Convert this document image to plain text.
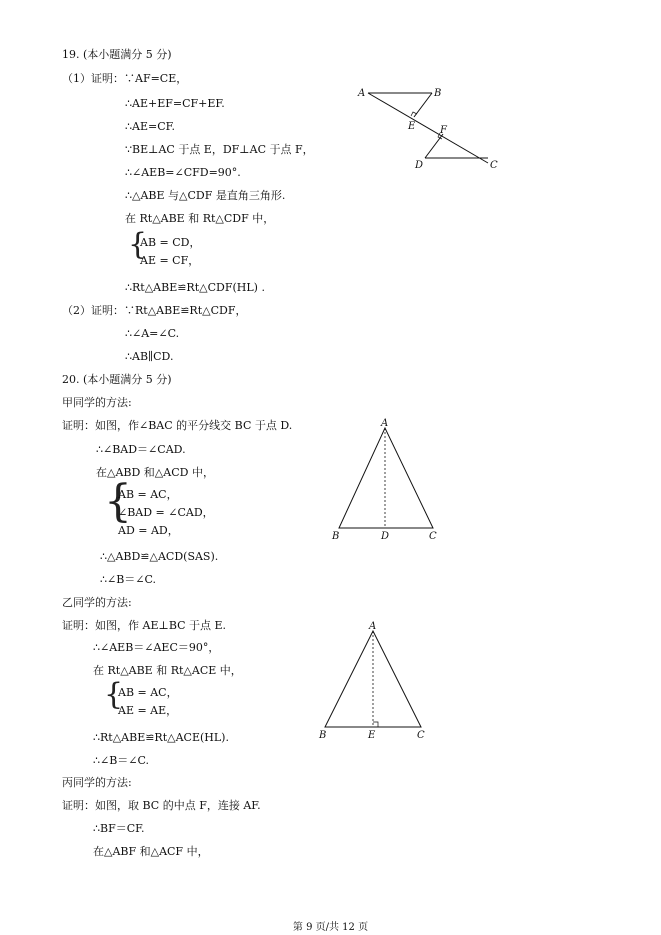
19. (本小题满分 5 分)
（1）证明：∵AF=CE，
∴AE+EF=CF+EF.
∴AE=CF.
∵BE⊥AC 于点 E，DF⊥AC 于点 F，
∴∠AEB=∠CFD=90°.
∴△ABE 与△CDF 是直角三角形.
在 Rt△ABE 和 Rt△CDF 中，
{
AB = CD，
AE = CF，
∴Rt△ABE≌Rt△CDF(HL) .
（2）证明：∵Rt△ABE≌Rt△CDF，
∴∠A=∠C.
∴AB∥CD.
A	B
E F
D	C
20. (本小题满分 5 分)
甲同学的方法:
证明：如图，作∠BAC 的平分线交 BC 于点 D.
∴∠BAD＝∠CAD.
在△ABD 和△ACD 中，
{
AB = AC，
∠BAD = ∠CAD，
AD = AD，
∴△ABD≌△ACD(SAS).
∴∠B＝∠C.
A
B	D	C
乙同学的方法:
证明：如图，作 AE⊥BC 于点 E.
∴∠AEB＝∠AEC＝90°，
在 Rt△ABE 和 Rt△ACE 中，
{
AB = AC，
AE = AE，
∴Rt△ABE≌Rt△ACE(HL).
∴∠B＝∠C.
A
B	E	C
丙同学的方法:
证明：如图，取 BC 的中点 F，连接 AF.
∴BF＝CF.
在△ABF 和△ACF 中，
第 9 页/共 12 页
